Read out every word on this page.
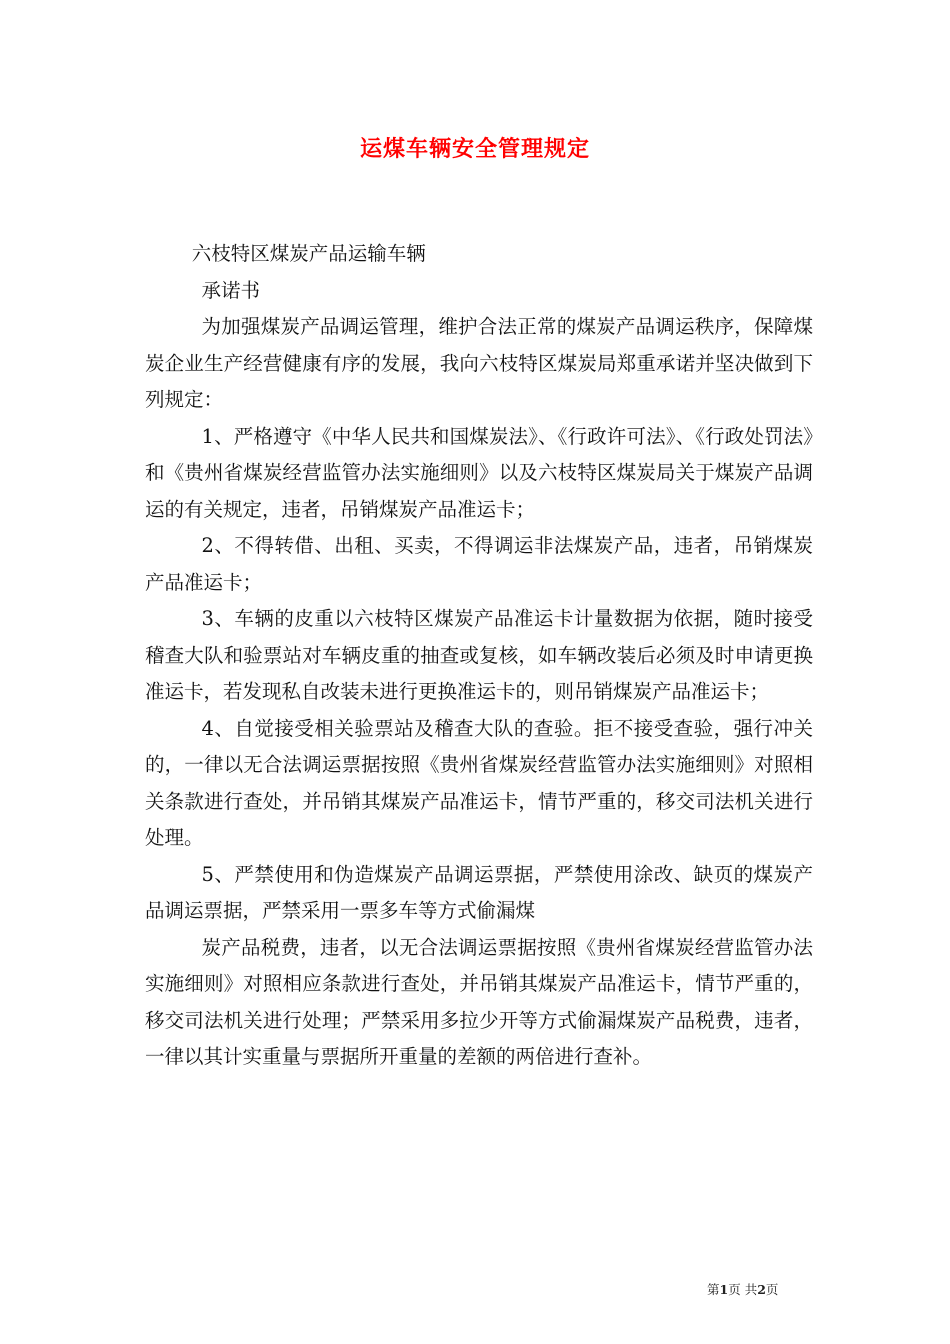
运煤车辆安全管理规定

六枝特区煤炭产品运输车辆

承诺书

为加强煤炭产品调运管理，维护合法正常的煤炭产品调运秩序，保障煤炭企业生产经营健康有序的发展，我向六枝特区煤炭局郑重承诺并坚决做到下列规定：

1、严格遵守《中华人民共和国煤炭法》、《行政许可法》、《行政处罚法》和《贵州省煤炭经营监管办法实施细则》以及六枝特区煤炭局关于煤炭产品调运的有关规定，违者，吊销煤炭产品准运卡；

2、不得转借、出租、买卖，不得调运非法煤炭产品，违者，吊销煤炭产品准运卡；

3、车辆的皮重以六枝特区煤炭产品准运卡计量数据为依据，随时接受稽查大队和验票站对车辆皮重的抽查或复核，如车辆改装后必须及时申请更换准运卡，若发现私自改装未进行更换准运卡的，则吊销煤炭产品准运卡；

4、自觉接受相关验票站及稽查大队的查验。拒不接受查验，强行冲关的，一律以无合法调运票据按照《贵州省煤炭经营监管办法实施细则》对照相关条款进行查处，并吊销其煤炭产品准运卡，情节严重的，移交司法机关进行处理。

5、严禁使用和伪造煤炭产品调运票据，严禁使用涂改、缺页的煤炭产品调运票据，严禁采用一票多车等方式偷漏煤

炭产品税费，违者，以无合法调运票据按照《贵州省煤炭经营监管办法实施细则》对照相应条款进行查处，并吊销其煤炭产品准运卡，情节严重的，移交司法机关进行处理；严禁采用多拉少开等方式偷漏煤炭产品税费，违者，一律以其计实重量与票据所开重量的差额的两倍进行查补。

第1页 共2页
